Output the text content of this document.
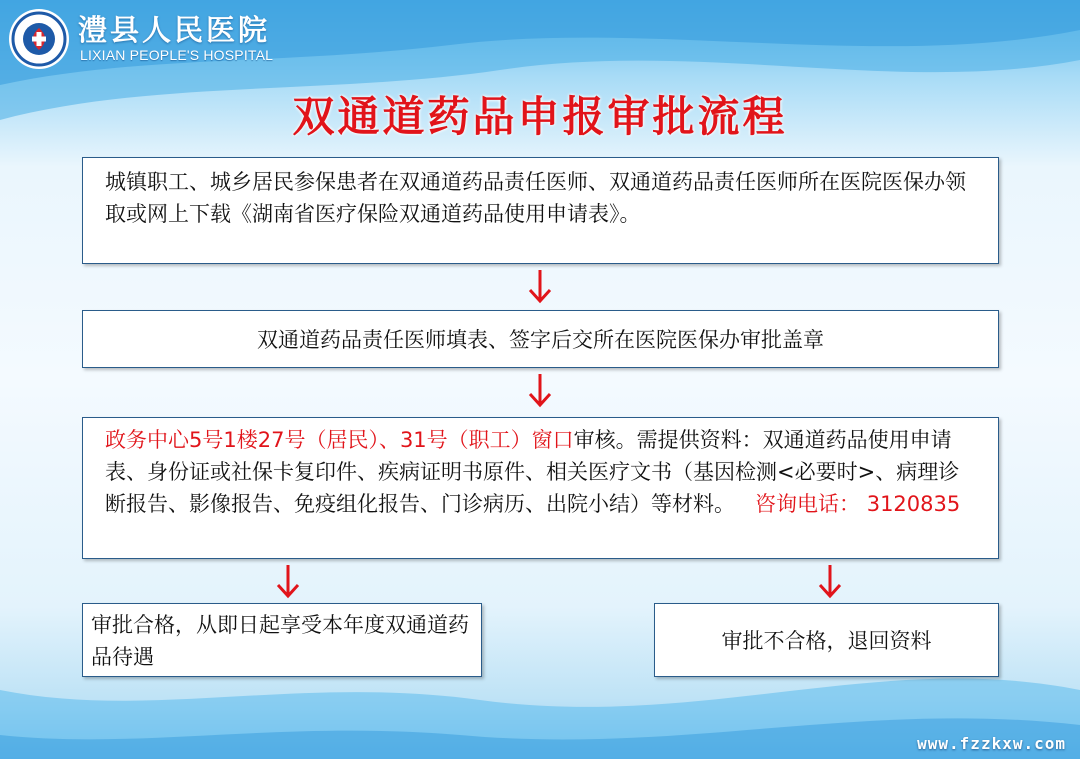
澧县人民医院
LIXIAN PEOPLE'S HOSPITAL
双通道药品申报审批流程
城镇职工、城乡居民参保患者在双通道药品责任医师、双通道药品责任医师所在医院医保办领取或网上下载《湖南省医疗保险双通道药品使用申请表》。
双通道药品责任医师填表、签字后交所在医院医保办审批盖章
政务中心5号1楼27号（居民）、31号（职工）窗口审核。需提供资料：双通道药品使用申请表、身份证或社保卡复印件、疾病证明书原件、相关医疗文书（基因检测<必要时>、病理诊断报告、影像报告、免疫组化报告、门诊病历、出院小结）等材料。 咨询电话： 3120835
审批合格，从即日起享受本年度双通道药品待遇
审批不合格，退回资料
www.fzzkxw.com
